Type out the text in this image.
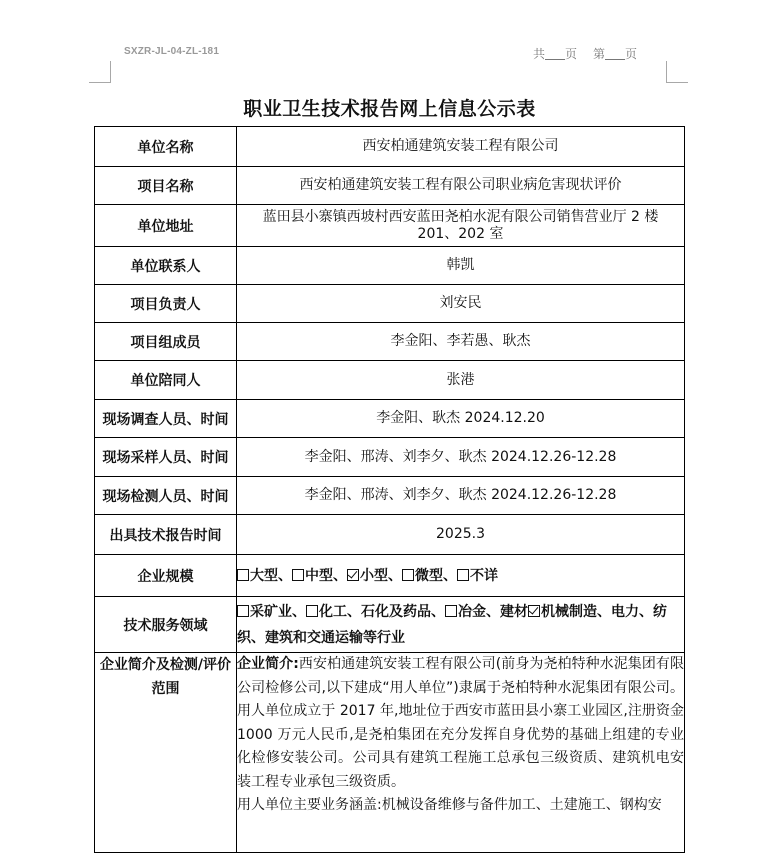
SXZR-JL-04-ZL-181	共 页 第 页
职业卫生技术报告网上信息公示表
单位名称	西安柏通建筑安装工程有限公司
项目名称	西安柏通建筑安装工程有限公司职业病危害现状评价
单位地址	蓝田县小寨镇西坡村西安蓝田尧柏水泥有限公司销售营业厅 2 楼 201、202 室
单位联系人	韩凯
项目负责人	刘安民
项目组成员	李金阳、李若愚、耿杰
单位陪同人	张港
现场调查人员、时间	李金阳、耿杰 2024.12.20
现场采样人员、时间	李金阳、邢涛、刘李夕、耿杰 2024.12.26-12.28
现场检测人员、时间	李金阳、邢涛、刘李夕、耿杰 2024.12.26-12.28
出具技术报告时间	2025.3
企业规模	大型、 中型、 小型、 微型、 不详
技术服务领域	采矿业、 化工、石化及药品、 冶金、建材 机械制造、电力、纺织、建筑和交通运输等行业
企业简介及检测/评价范围	企业简介:西安柏通建筑安装工程有限公司(前身为尧柏特种水泥集团有限公司检修公司,以下建成“用人单位”)隶属于尧柏特种水泥集团有限公司。用人单位成立于 2017 年,地址位于西安市蓝田县小寨工业园区,注册资金 1000 万元人民币,是尧柏集团在充分发挥自身优势的基础上组建的专业化检修安装公司。公司具有建筑工程施工总承包三级资质、建筑机电安装工程专业承包三级资质。

用人单位主要业务涵盖:机械设备维修与备件加工、土建施工、钢构安
